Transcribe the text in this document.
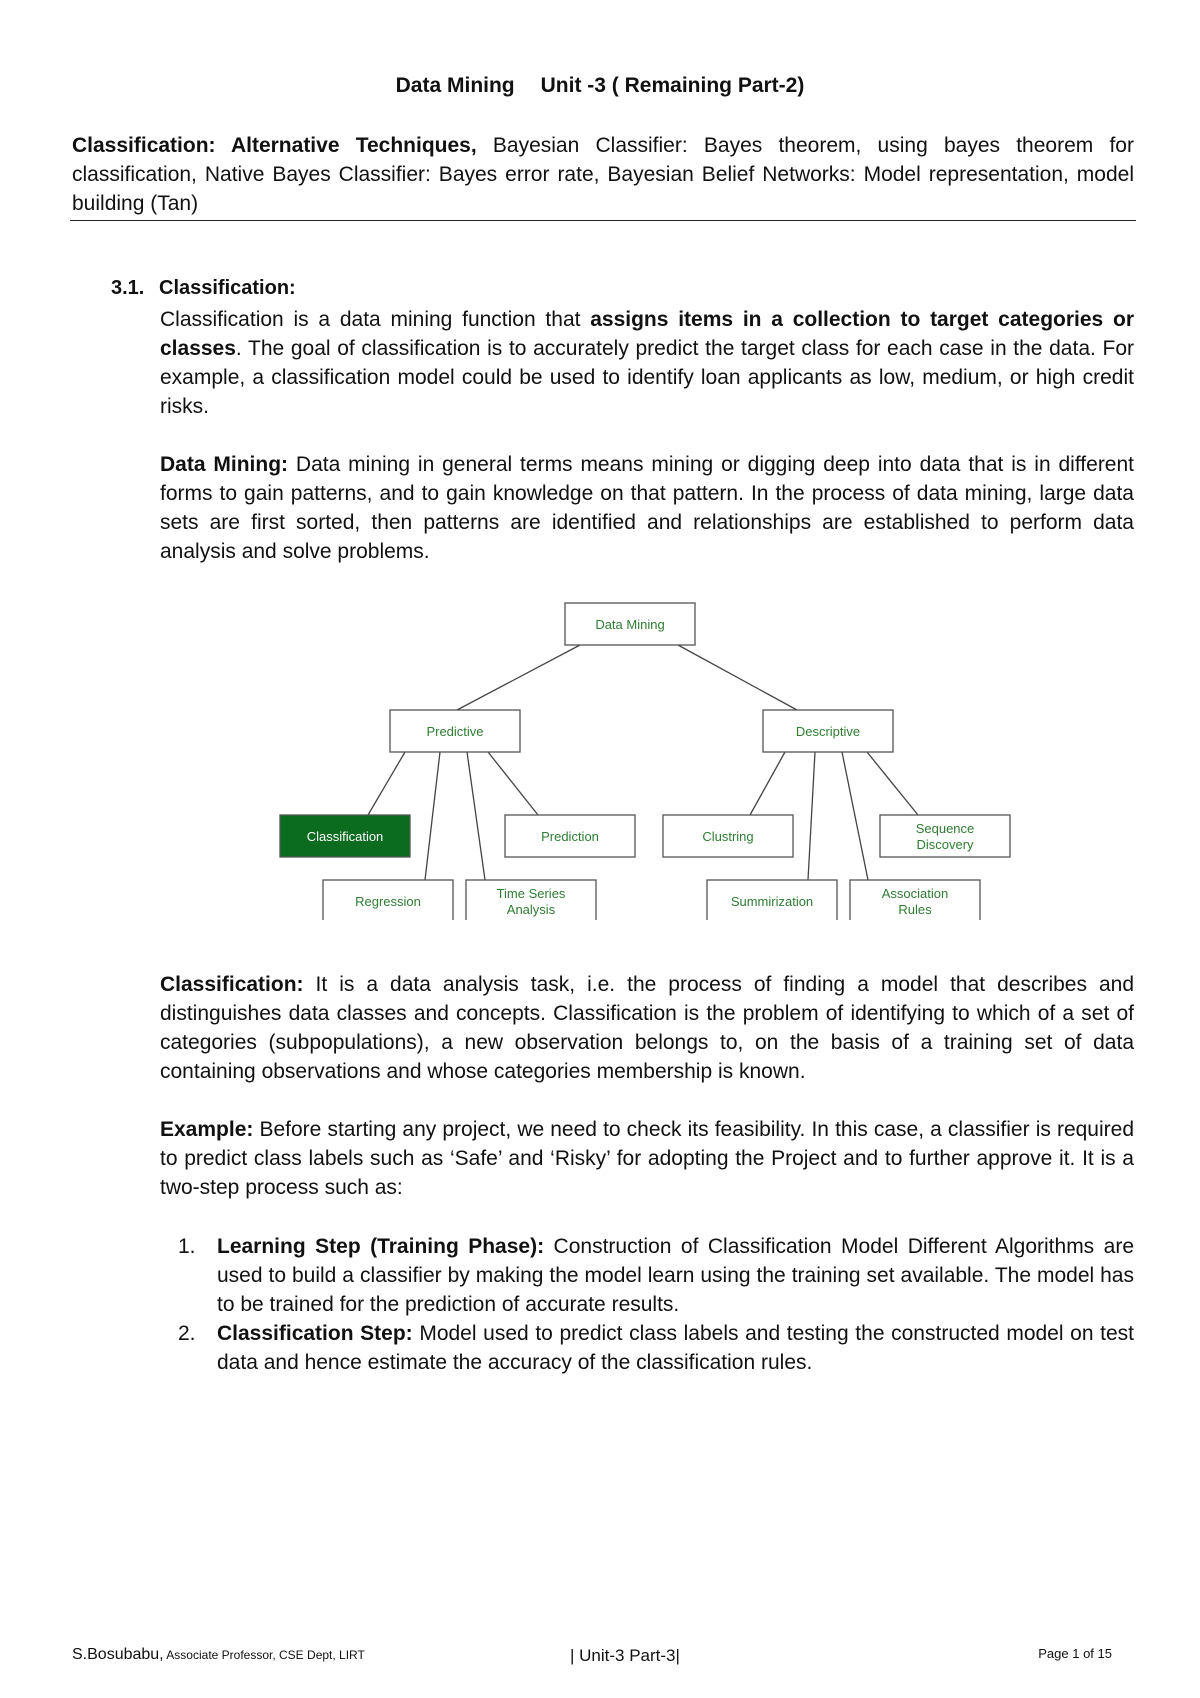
Data Mining Unit -3 ( Remaining Part-2)
Classification: Alternative Techniques, Bayesian Classifier: Bayes theorem, using bayes theorem for classification, Native Bayes Classifier: Bayes error rate, Bayesian Belief Networks: Model representation, model building (Tan)
3.1. Classification:
Classification is a data mining function that assigns items in a collection to target categories or classes. The goal of classification is to accurately predict the target class for each case in the data. For example, a classification model could be used to identify loan applicants as low, medium, or high credit risks.
Data Mining: Data mining in general terms means mining or digging deep into data that is in different forms to gain patterns, and to gain knowledge on that pattern. In the process of data mining, large data sets are first sorted, then patterns are identified and relationships are established to perform data analysis and solve problems.
Data Mining
Predictive	Descriptive
Classification	Prediction
Regression
Time Series
Analysis
Clustring
Sequence
Discovery
Summirization
Association
Rules
Classification: It is a data analysis task, i.e. the process of finding a model that describes and distinguishes data classes and concepts. Classification is the problem of identifying to which of a set of categories (subpopulations), a new observation belongs to, on the basis of a training set of data containing observations and whose categories membership is known.
Example: Before starting any project, we need to check its feasibility. In this case, a classifier is required to predict class labels such as ‘Safe’ and ‘Risky’ for adopting the Project and to further approve it. It is a two-step process such as:
1. Learning Step (Training Phase): Construction of Classification Model Different Algorithms are used to build a classifier by making the model learn using the training set available. The model has to be trained for the prediction of accurate results.
2. Classification Step: Model used to predict class labels and testing the constructed model on test data and hence estimate the accuracy of the classification rules.
S.Bosubabu, Associate Professor, CSE Dept, LIRT	| Unit-3 Part-3|	Page 1 of 15
